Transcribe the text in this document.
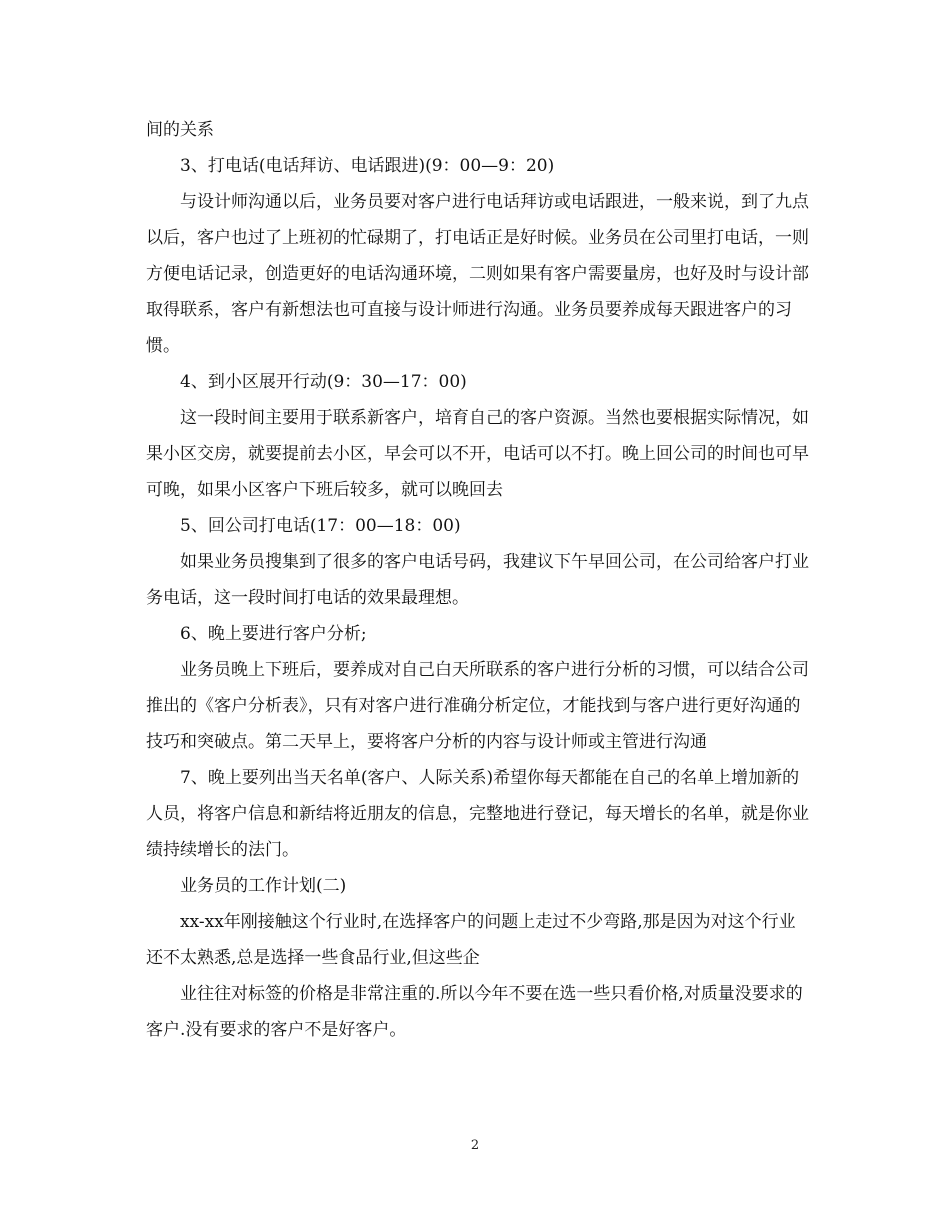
间的关系

3、打电话(电话拜访、电话跟进)(9：00—9：20)

与设计师沟通以后，业务员要对客户进行电话拜访或电话跟进，一般来说，到了九点以后，客户也过了上班初的忙碌期了，打电话正是好时候。业务员在公司里打电话，一则方便电话记录，创造更好的电话沟通环境，二则如果有客户需要量房，也好及时与设计部取得联系，客户有新想法也可直接与设计师进行沟通。业务员要养成每天跟进客户的习惯。

4、到小区展开行动(9：30—17：00)

这一段时间主要用于联系新客户，培育自己的客户资源。当然也要根据实际情况，如果小区交房，就要提前去小区，早会可以不开，电话可以不打。晚上回公司的时间也可早可晚，如果小区客户下班后较多，就可以晚回去

5、回公司打电话(17：00—18：00)

如果业务员搜集到了很多的客户电话号码，我建议下午早回公司，在公司给客户打业务电话，这一段时间打电话的效果最理想。

6、晚上要进行客户分析;

业务员晚上下班后，要养成对自己白天所联系的客户进行分析的习惯，可以结合公司推出的《客户分析表》，只有对客户进行准确分析定位，才能找到与客户进行更好沟通的技巧和突破点。第二天早上，要将客户分析的内容与设计师或主管进行沟通

7、晚上要列出当天名单(客户、人际关系)希望你每天都能在自己的名单上增加新的人员，将客户信息和新结将近朋友的信息，完整地进行登记，每天增长的名单，就是你业绩持续增长的法门。

业务员的工作计划(二)

xx-xx年刚接触这个行业时,在选择客户的问题上走过不少弯路,那是因为对这个行业还不太熟悉,总是选择一些食品行业,但这些企

业往往对标签的价格是非常注重的.所以今年不要在选一些只看价格,对质量没要求的客户.没有要求的客户不是好客户。

2
